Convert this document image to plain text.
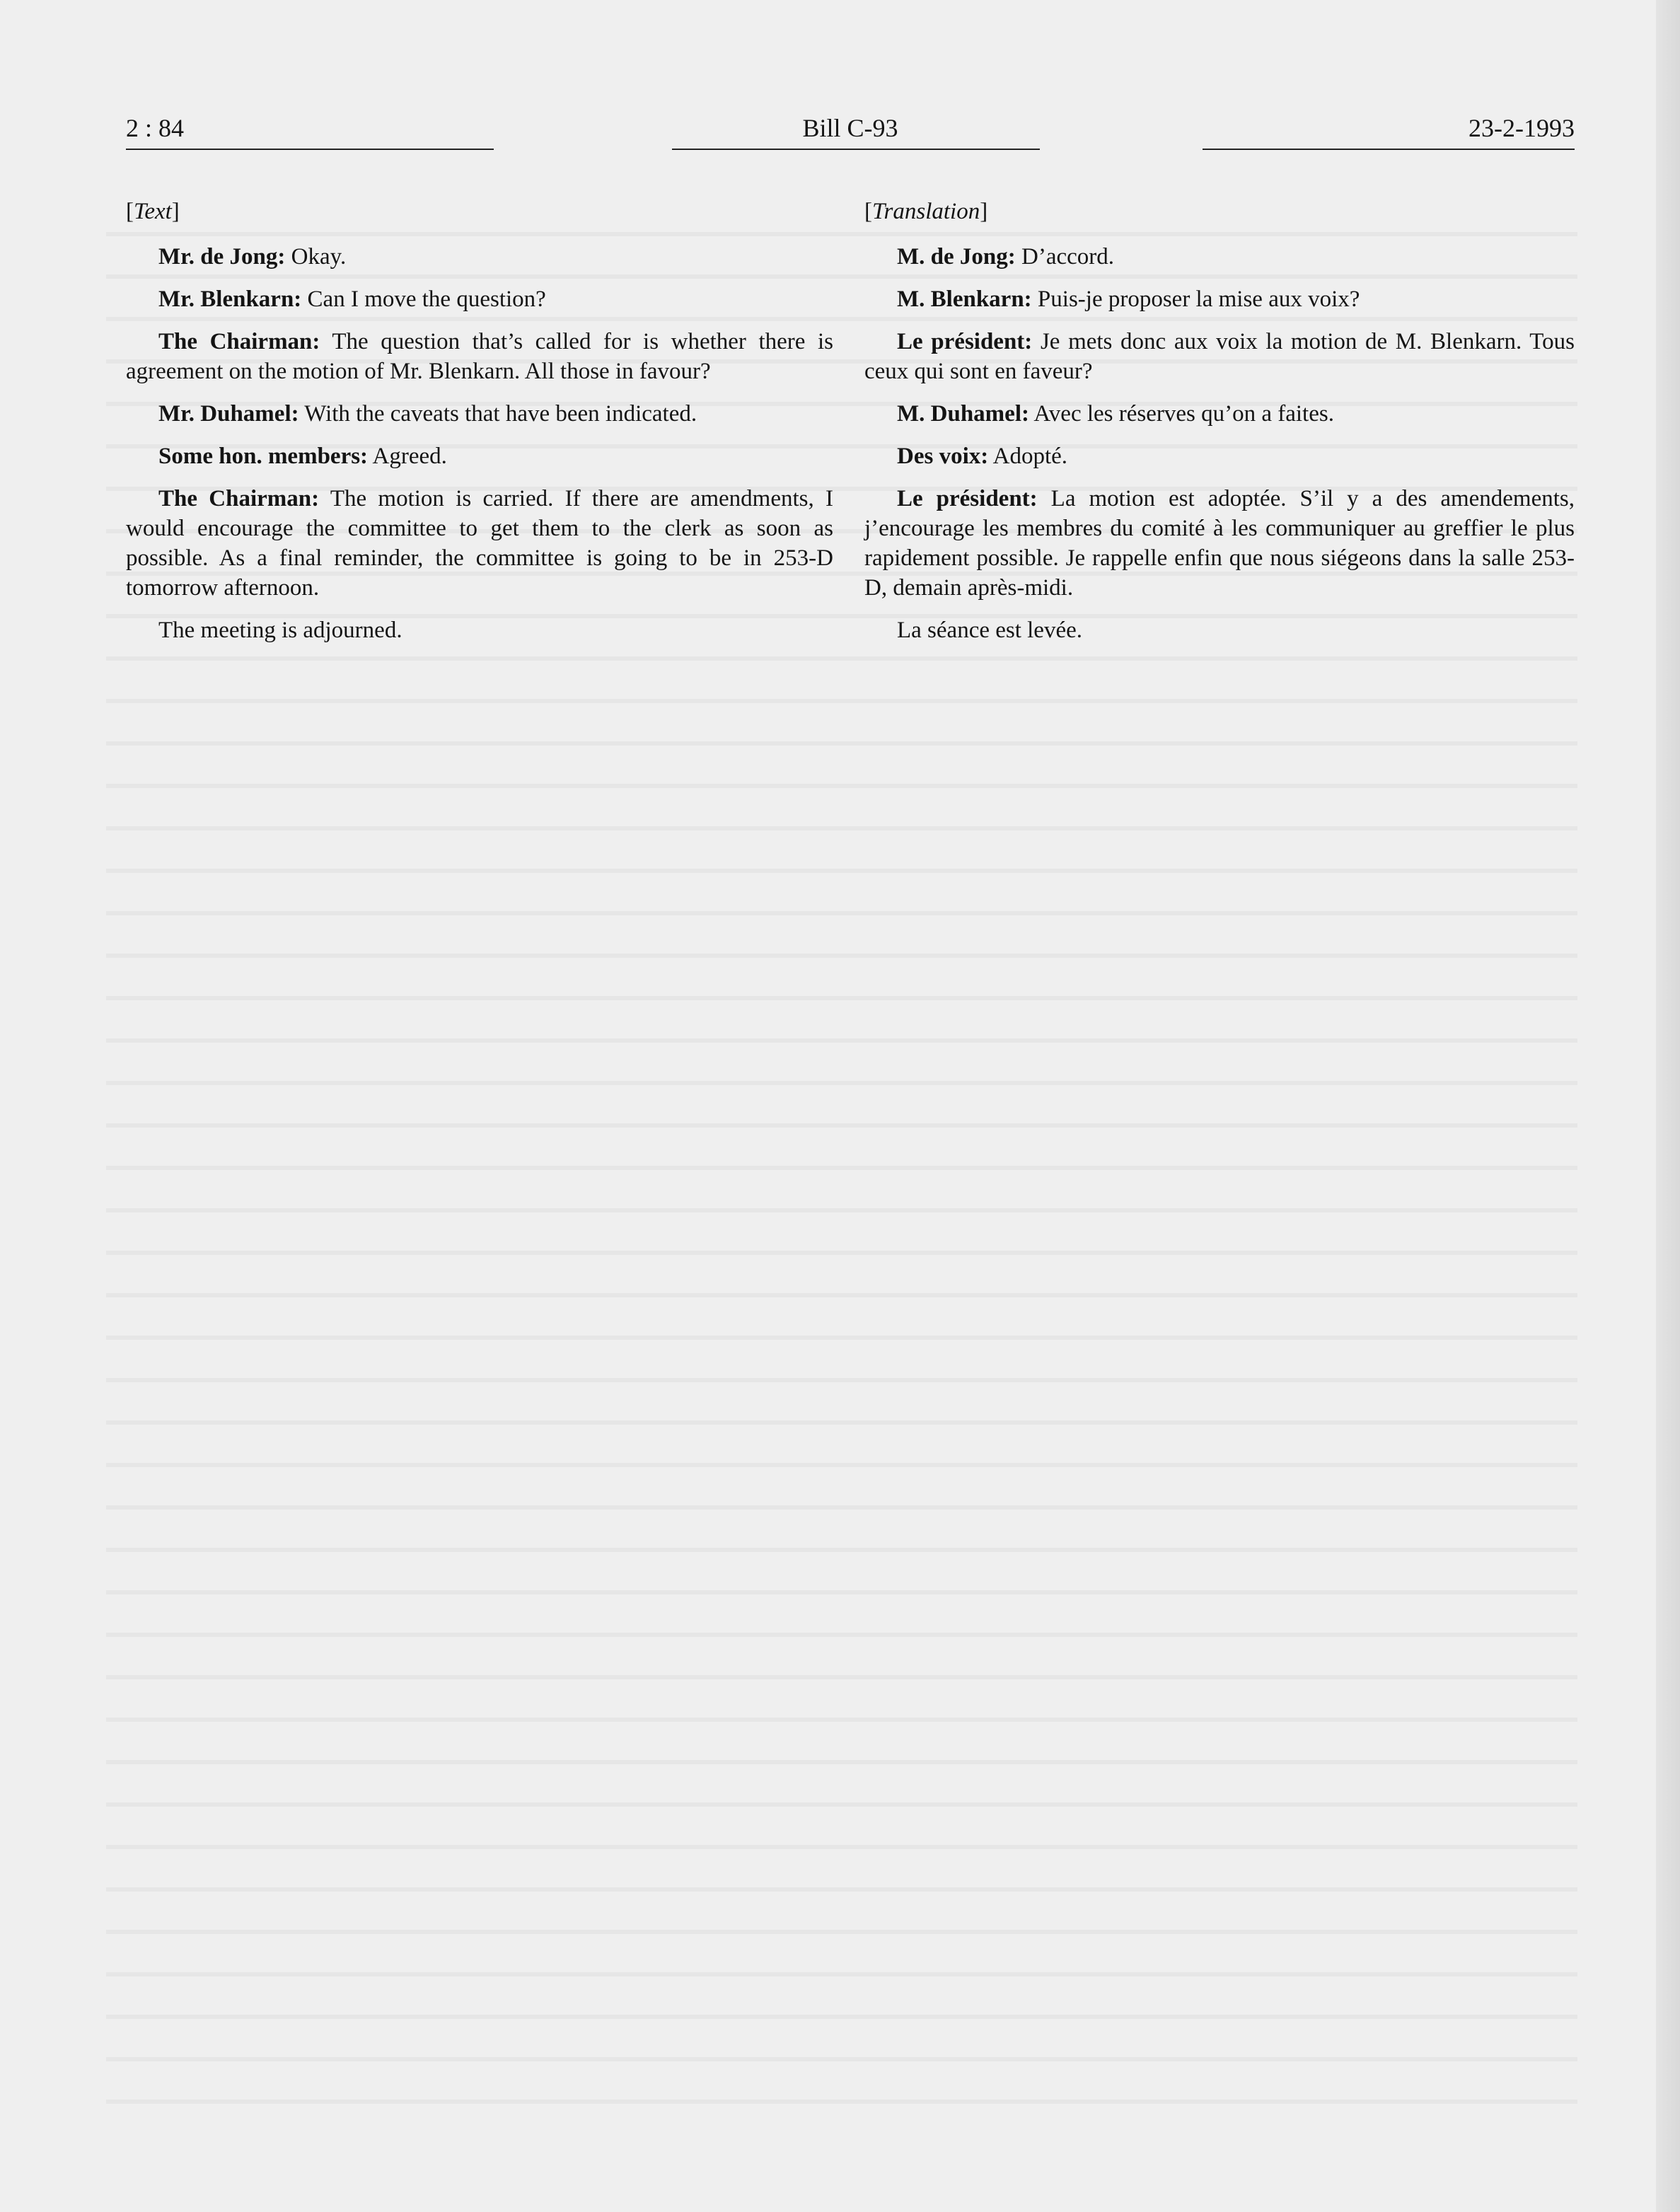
2 : 84	Bill C-93	23-2-1993

[Text]

Mr. de Jong: Okay.

Mr. Blenkarn: Can I move the question?

The Chairman: The question that’s called for is whether there is agreement on the motion of Mr. Blenkarn. All those in favour?

Mr. Duhamel: With the caveats that have been indicated.

Some hon. members: Agreed.

The Chairman: The motion is carried. If there are amendments, I would encourage the committee to get them to the clerk as soon as possible. As a final reminder, the committee is going to be in 253-D tomorrow afternoon.

The meeting is adjourned.

[Translation]

M. de Jong: D’accord.

M. Blenkarn: Puis-je proposer la mise aux voix?

Le président: Je mets donc aux voix la motion de M. Blenkarn. Tous ceux qui sont en faveur?

M. Duhamel: Avec les réserves qu’on a faites.

Des voix: Adopté.

Le président: La motion est adoptée. S’il y a des amendements, j’encourage les membres du comité à les communiquer au greffier le plus rapidement possible. Je rappelle enfin que nous siégeons dans la salle 253-D, demain après-midi.

La séance est levée.
